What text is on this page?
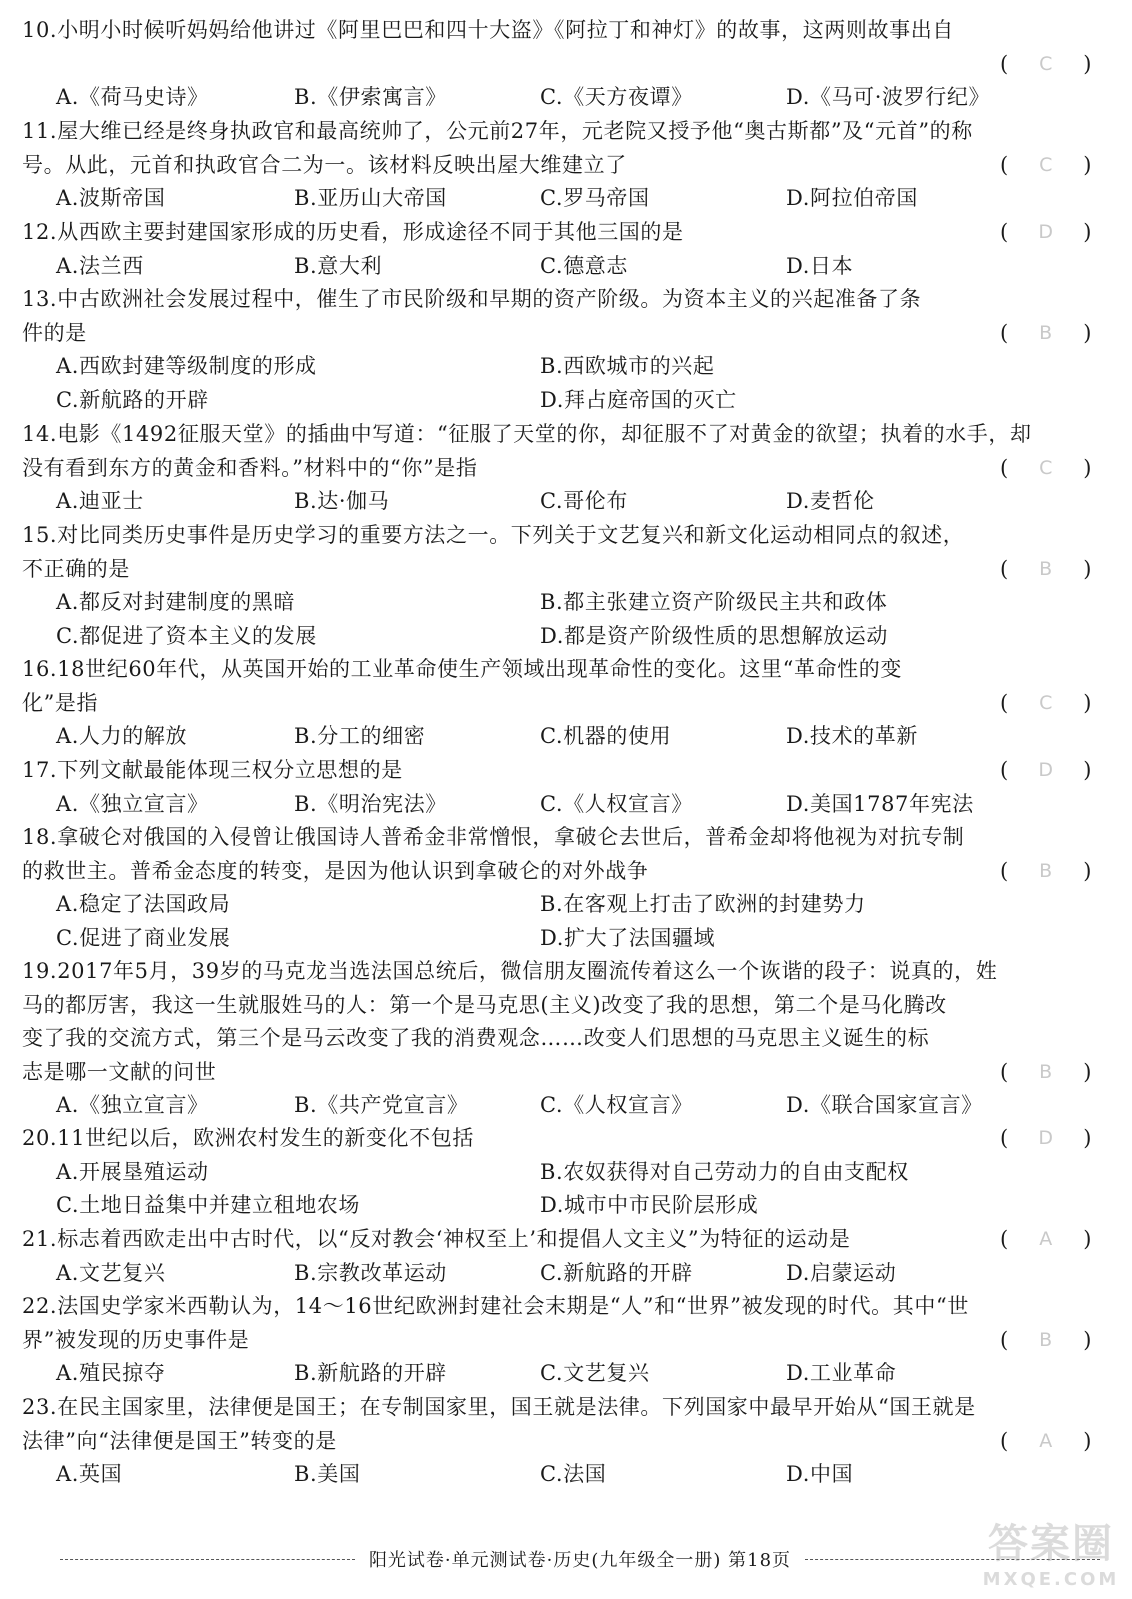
10.小明小时候听妈妈给他讲过《阿里巴巴和四十大盗》《阿拉丁和神灯》的故事，这两则故事出自
( C )
A.《荷马史诗》	B.《伊索寓言》	C.《天方夜谭》	D.《马可·波罗行纪》
11.屋大维已经是终身执政官和最高统帅了，公元前27年，元老院又授予他“奥古斯都”及“元首”的称
号。从此，元首和执政官合二为一。该材料反映出屋大维建立了	( C )
A.波斯帝国	B.亚历山大帝国	C.罗马帝国	D.阿拉伯帝国
12.从西欧主要封建国家形成的历史看，形成途径不同于其他三国的是	( D )
A.法兰西	B.意大利	C.德意志	D.日本
13.中古欧洲社会发展过程中，催生了市民阶级和早期的资产阶级。为资本主义的兴起准备了条
件的是	( B )
A.西欧封建等级制度的形成	B.西欧城市的兴起
C.新航路的开辟	D.拜占庭帝国的灭亡
14.电影《1492征服天堂》的插曲中写道：“征服了天堂的你，却征服不了对黄金的欲望；执着的水手，却
没有看到东方的黄金和香料。”材料中的“你”是指	( C )
A.迪亚士	B.达·伽马	C.哥伦布	D.麦哲伦
15.对比同类历史事件是历史学习的重要方法之一。下列关于文艺复兴和新文化运动相同点的叙述，
不正确的是	( B )
A.都反对封建制度的黑暗	B.都主张建立资产阶级民主共和政体
C.都促进了资本主义的发展	D.都是资产阶级性质的思想解放运动
16.18世纪60年代，从英国开始的工业革命使生产领域出现革命性的变化。这里“革命性的变
化”是指	( C )
A.人力的解放	B.分工的细密	C.机器的使用	D.技术的革新
17.下列文献最能体现三权分立思想的是	( D )
A.《独立宣言》	B.《明治宪法》	C.《人权宣言》	D.美国1787年宪法
18.拿破仑对俄国的入侵曾让俄国诗人普希金非常憎恨，拿破仑去世后，普希金却将他视为对抗专制
的救世主。普希金态度的转变，是因为他认识到拿破仑的对外战争	( B )
A.稳定了法国政局	B.在客观上打击了欧洲的封建势力
C.促进了商业发展	D.扩大了法国疆域
19.2017年5月，39岁的马克龙当选法国总统后，微信朋友圈流传着这么一个诙谐的段子：说真的，姓
马的都厉害，我这一生就服姓马的人：第一个是马克思(主义)改变了我的思想，第二个是马化腾改
变了我的交流方式，第三个是马云改变了我的消费观念……改变人们思想的马克思主义诞生的标
志是哪一文献的问世	( B )
A.《独立宣言》	B.《共产党宣言》	C.《人权宣言》	D.《联合国家宣言》
20.11世纪以后，欧洲农村发生的新变化不包括	( D )
A.开展垦殖运动	B.农奴获得对自己劳动力的自由支配权
C.土地日益集中并建立租地农场	D.城市中市民阶层形成
21.标志着西欧走出中古时代，以“反对教会‘神权至上’和提倡人文主义”为特征的运动是	( A )
A.文艺复兴	B.宗教改革运动	C.新航路的开辟	D.启蒙运动
22.法国史学家米西勒认为，14～16世纪欧洲封建社会末期是“人”和“世界”被发现的时代。其中“世
界”被发现的历史事件是	( B )
A.殖民掠夺	B.新航路的开辟	C.文艺复兴	D.工业革命
23.在民主国家里，法律便是国王；在专制国家里，国王就是法律。下列国家中最早开始从“国王就是
法律”向“法律便是国王”转变的是	( A )
A.英国	B.美国	C.法国	D.中国
阳光试卷·单元测试卷·历史(九年级全一册) 第18页	答案圈
MXQE.COM
